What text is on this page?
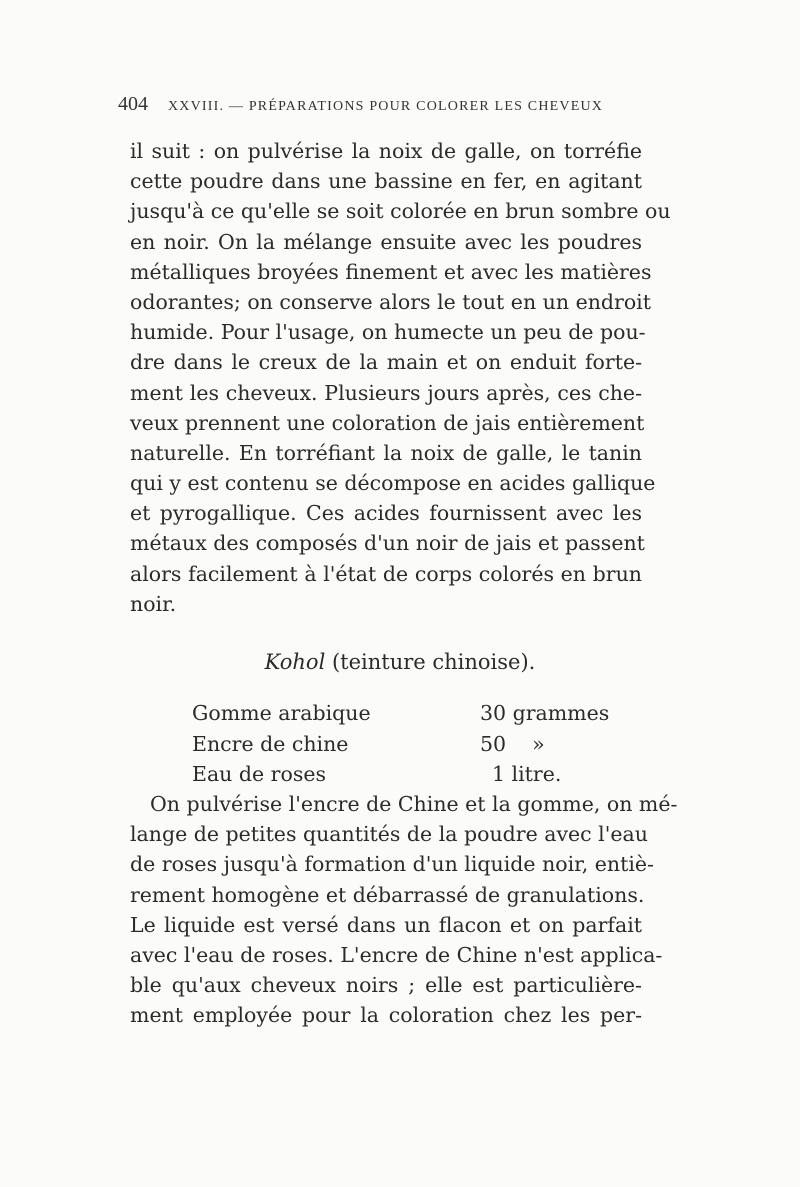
404 XXVIII. — PRÉPARATIONS POUR COLORER LES CHEVEUX
il suit : on pulvérise la noix de galle, on torréfie
cette poudre dans une bassine en fer, en agitant
jusqu'à ce qu'elle se soit colorée en brun sombre ou
en noir. On la mélange ensuite avec les poudres
métalliques broyées finement et avec les matières
odorantes; on conserve alors le tout en un endroit
humide. Pour l'usage, on humecte un peu de pou-
dre dans le creux de la main et on enduit forte-
ment les cheveux. Plusieurs jours après, ces che-
veux prennent une coloration de jais entièrement
naturelle. En torréfiant la noix de galle, le tanin
qui y est contenu se décompose en acides gallique
et pyrogallique. Ces acides fournissent avec les
métaux des composés d'un noir de jais et passent
alors facilement à l'état de corps colorés en brun
noir.
Kohol (teinture chinoise).
Gomme arabique	30 grammes
Encre de chine	50    »
Eau de roses	1 litre.
On pulvérise l'encre de Chine et la gomme, on mé-
lange de petites quantités de la poudre avec l'eau
de roses jusqu'à formation d'un liquide noir, entiè-
rement homogène et débarrassé de granulations.
Le liquide est versé dans un flacon et on parfait
avec l'eau de roses. L'encre de Chine n'est applica-
ble qu'aux cheveux noirs ; elle est particulière-
ment employée pour la coloration chez les per-
